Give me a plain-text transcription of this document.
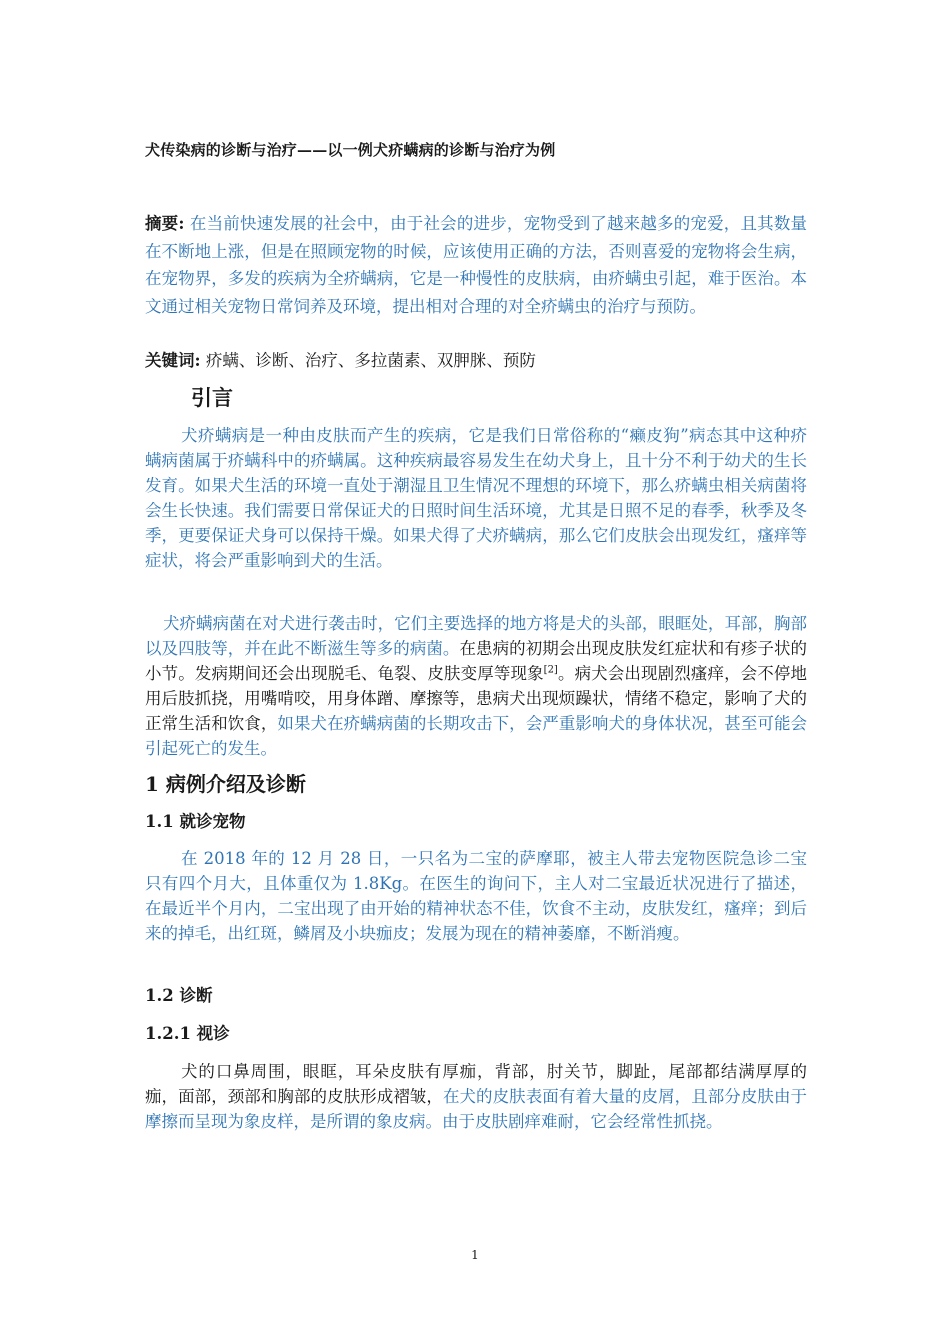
犬传染病的诊断与治疗——以一例犬疥螨病的诊断与治疗为例
摘要: 在当前快速发展的社会中，由于社会的进步，宠物受到了越来越多的宠爱，且其数量在不断地上涨，但是在照顾宠物的时候，应该使用正确的方法，否则喜爱的宠物将会生病，在宠物界，多发的疾病为全疥螨病，它是一种慢性的皮肤病，由疥螨虫引起，难于医治。本文通过相关宠物日常饲养及环境，提出相对合理的对全疥螨虫的治疗与预防。
关键词: 疥螨、诊断、治疗、多拉菌素、双胛脒、预防
引言
犬疥螨病是一种由皮肤而产生的疾病，它是我们日常俗称的“癞皮狗”病态其中这种疥螨病菌属于疥螨科中的疥螨属。这种疾病最容易发生在幼犬身上，且十分不利于幼犬的生长发育。如果犬生活的环境一直处于潮湿且卫生情况不理想的环境下，那么疥螨虫相关病菌将会生长快速。我们需要日常保证犬的日照时间生活环境，尤其是日照不足的春季，秋季及冬季，更要保证犬身可以保持干燥。如果犬得了犬疥螨病，那么它们皮肤会出现发红，瘙痒等症状，将会严重影响到犬的生活。
犬疥螨病菌在对犬进行袭击时，它们主要选择的地方将是犬的头部，眼眶处，耳部，胸部以及四肢等，并在此不断滋生等多的病菌。在患病的初期会出现皮肤发红症状和有疹子状的小节。发病期间还会出现脱毛、龟裂、皮肤变厚等现象[2]。病犬会出现剧烈瘙痒，会不停地用后肢抓挠，用嘴啃咬，用身体蹭、摩擦等，患病犬出现烦躁状，情绪不稳定，影响了犬的正常生活和饮食，如果犬在疥螨病菌的长期攻击下，会严重影响犬的身体状况，甚至可能会引起死亡的发生。
1 病例介绍及诊断
1.1 就诊宠物
在 2018 年的 12 月 28 日，一只名为二宝的萨摩耶，被主人带去宠物医院急诊二宝只有四个月大，且体重仅为 1.8Kg。在医生的询问下，主人对二宝最近状况进行了描述，在最近半个月内，二宝出现了由开始的精神状态不佳，饮食不主动，皮肤发红，瘙痒；到后来的掉毛，出红斑，鳞屑及小块痂皮；发展为现在的精神萎靡，不断消瘦。
1.2 诊断
1.2.1 视诊
犬的口鼻周围，眼眶，耳朵皮肤有厚痂，背部，肘关节，脚趾，尾部都结满厚厚的痂，面部，颈部和胸部的皮肤形成褶皱，在犬的皮肤表面有着大量的皮屑，且部分皮肤由于摩擦而呈现为象皮样，是所谓的象皮病。由于皮肤剧痒难耐，它会经常性抓挠。
1
